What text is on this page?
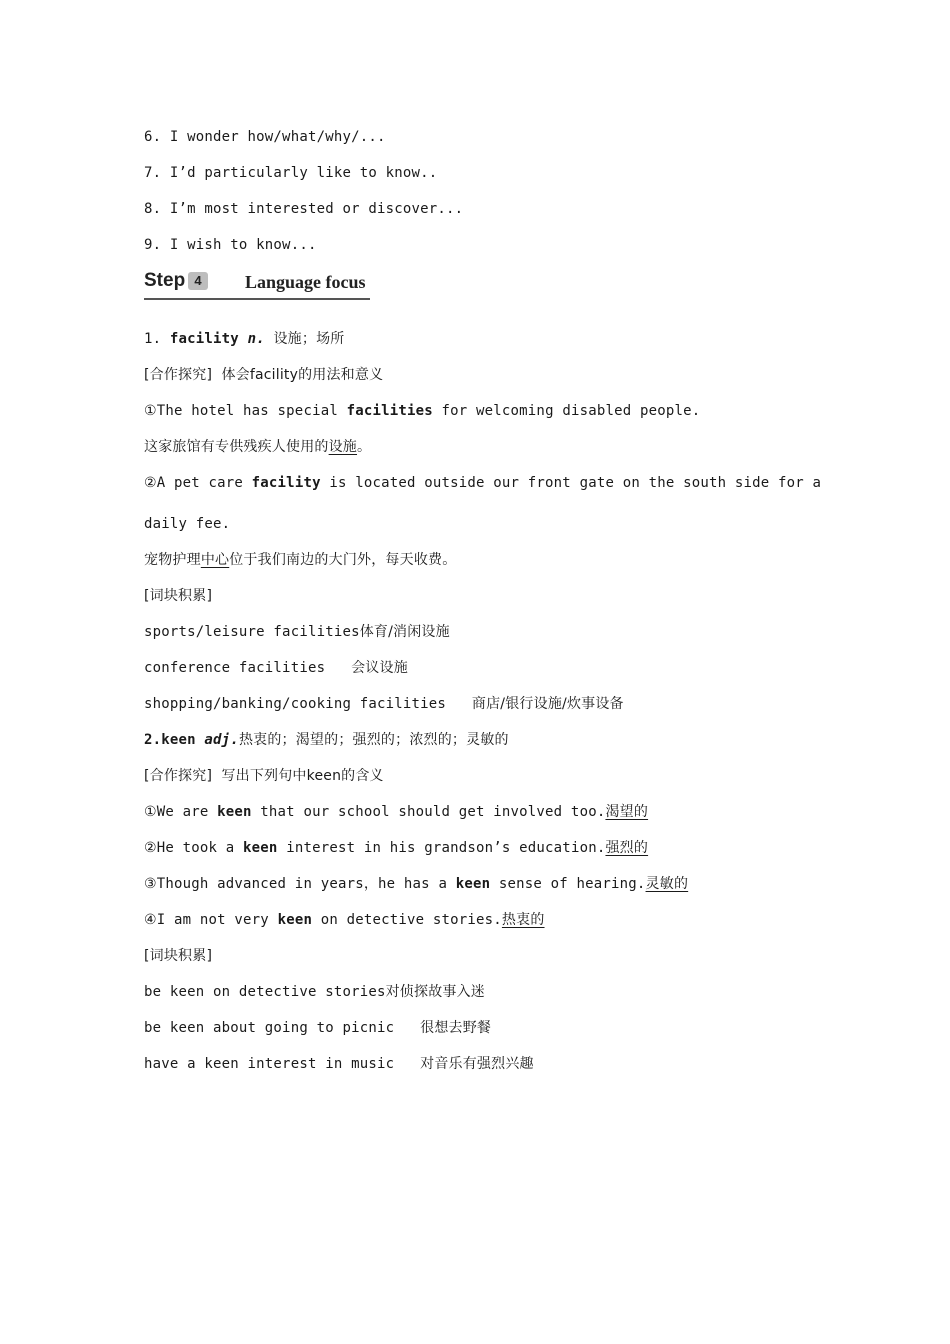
6. I wonder how/what/why/...
7. I’d particularly like to know..
8. I’m most interested or discover...
9. I wish to know...
Step 4	Language focus
1. facility n. 设施；场所
[合作探究] 体会facility的用法和意义
①The hotel has special facilities for welcoming disabled people.
这家旅馆有专供残疾人使用的设施。
②A pet care facility is located outside our front gate on the south side for a
daily fee.
宠物护理中心位于我们南边的大门外，每天收费。
[词块积累]
sports/leisure facilities体育/消闲设施
conference facilities 会议设施
shopping/banking/cooking facilities 商店/银行设施/炊事设备
2.keen adj.热衷的；渴望的；强烈的；浓烈的；灵敏的
[合作探究] 写出下列句中keen的含义
①We are keen that our school should get involved too.渴望的
②He took a keen interest in his grandson’s education.强烈的
③Though advanced in years，he has a keen sense of hearing.灵敏的
④I am not very keen on detective stories.热衷的
[词块积累]
be keen on detective stories对侦探故事入迷
be keen about going to picnic 很想去野餐
have a keen interest in music 对音乐有强烈兴趣
